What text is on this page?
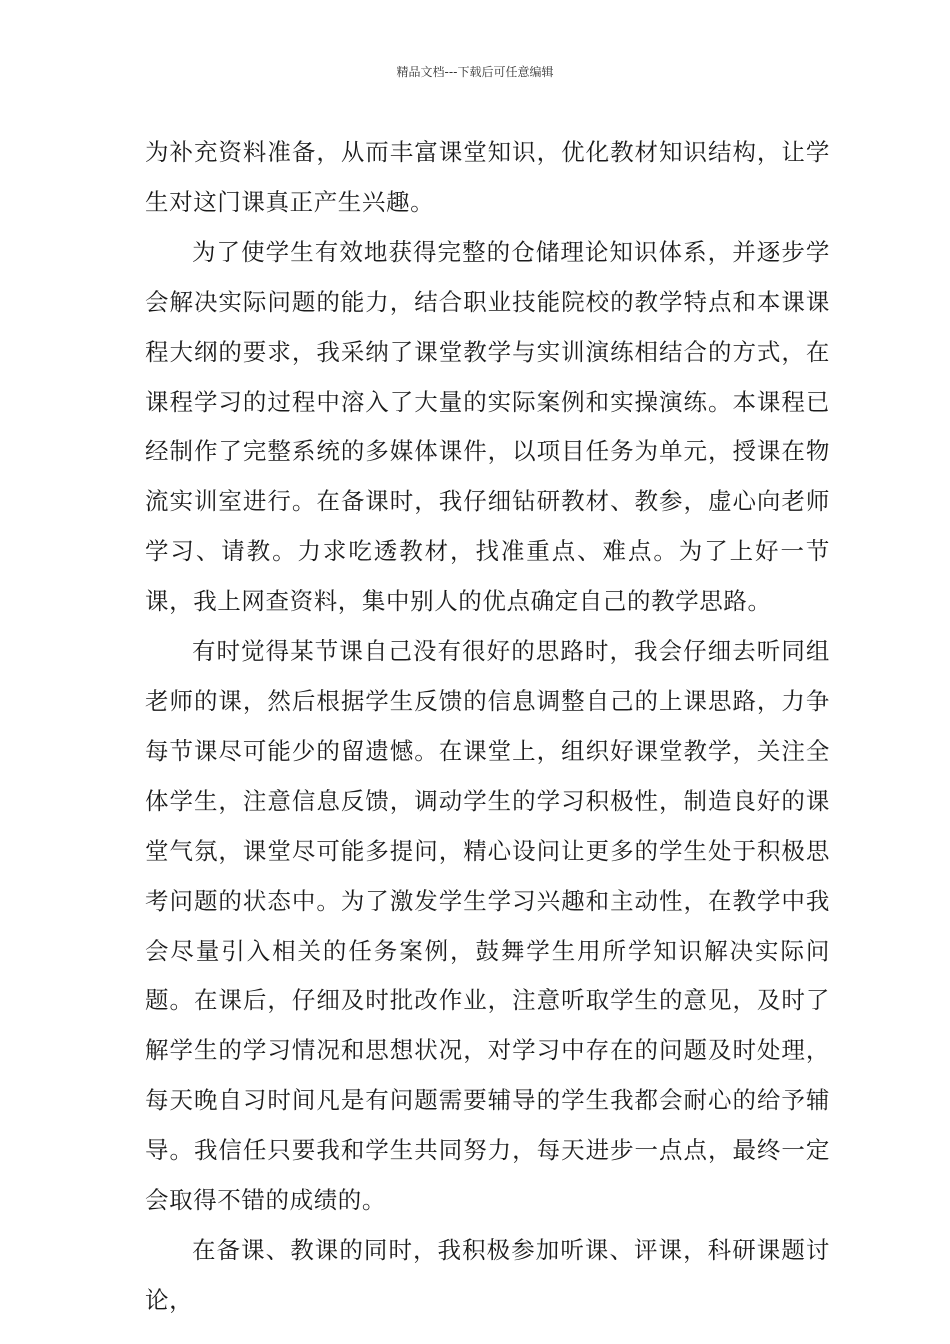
精品文档---下载后可任意编辑

为补充资料准备，从而丰富课堂知识，优化教材知识结构，让学生对这门课真正产生兴趣。

为了使学生有效地获得完整的仓储理论知识体系，并逐步学会解决实际问题的能力，结合职业技能院校的教学特点和本课课程大纲的要求，我采纳了课堂教学与实训演练相结合的方式，在课程学习的过程中溶入了大量的实际案例和实操演练。本课程已经制作了完整系统的多媒体课件，以项目任务为单元，授课在物流实训室进行。在备课时，我仔细钻研教材、教参，虚心向老师学习、请教。力求吃透教材，找准重点、难点。为了上好一节课，我上网查资料，集中别人的优点确定自己的教学思路。

有时觉得某节课自己没有很好的思路时，我会仔细去听同组老师的课，然后根据学生反馈的信息调整自己的上课思路，力争每节课尽可能少的留遗憾。在课堂上，组织好课堂教学，关注全体学生，注意信息反馈，调动学生的学习积极性，制造良好的课堂气氛，课堂尽可能多提问，精心设问让更多的学生处于积极思考问题的状态中。为了激发学生学习兴趣和主动性，在教学中我会尽量引入相关的任务案例，鼓舞学生用所学知识解决实际问题。在课后，仔细及时批改作业，注意听取学生的意见，及时了解学生的学习情况和思想状况，对学习中存在的问题及时处理，每天晚自习时间凡是有问题需要辅导的学生我都会耐心的给予辅导。我信任只要我和学生共同努力，每天进步一点点，最终一定会取得不错的成绩的。

在备课、教课的同时，我积极参加听课、评课，科研课题讨论，
